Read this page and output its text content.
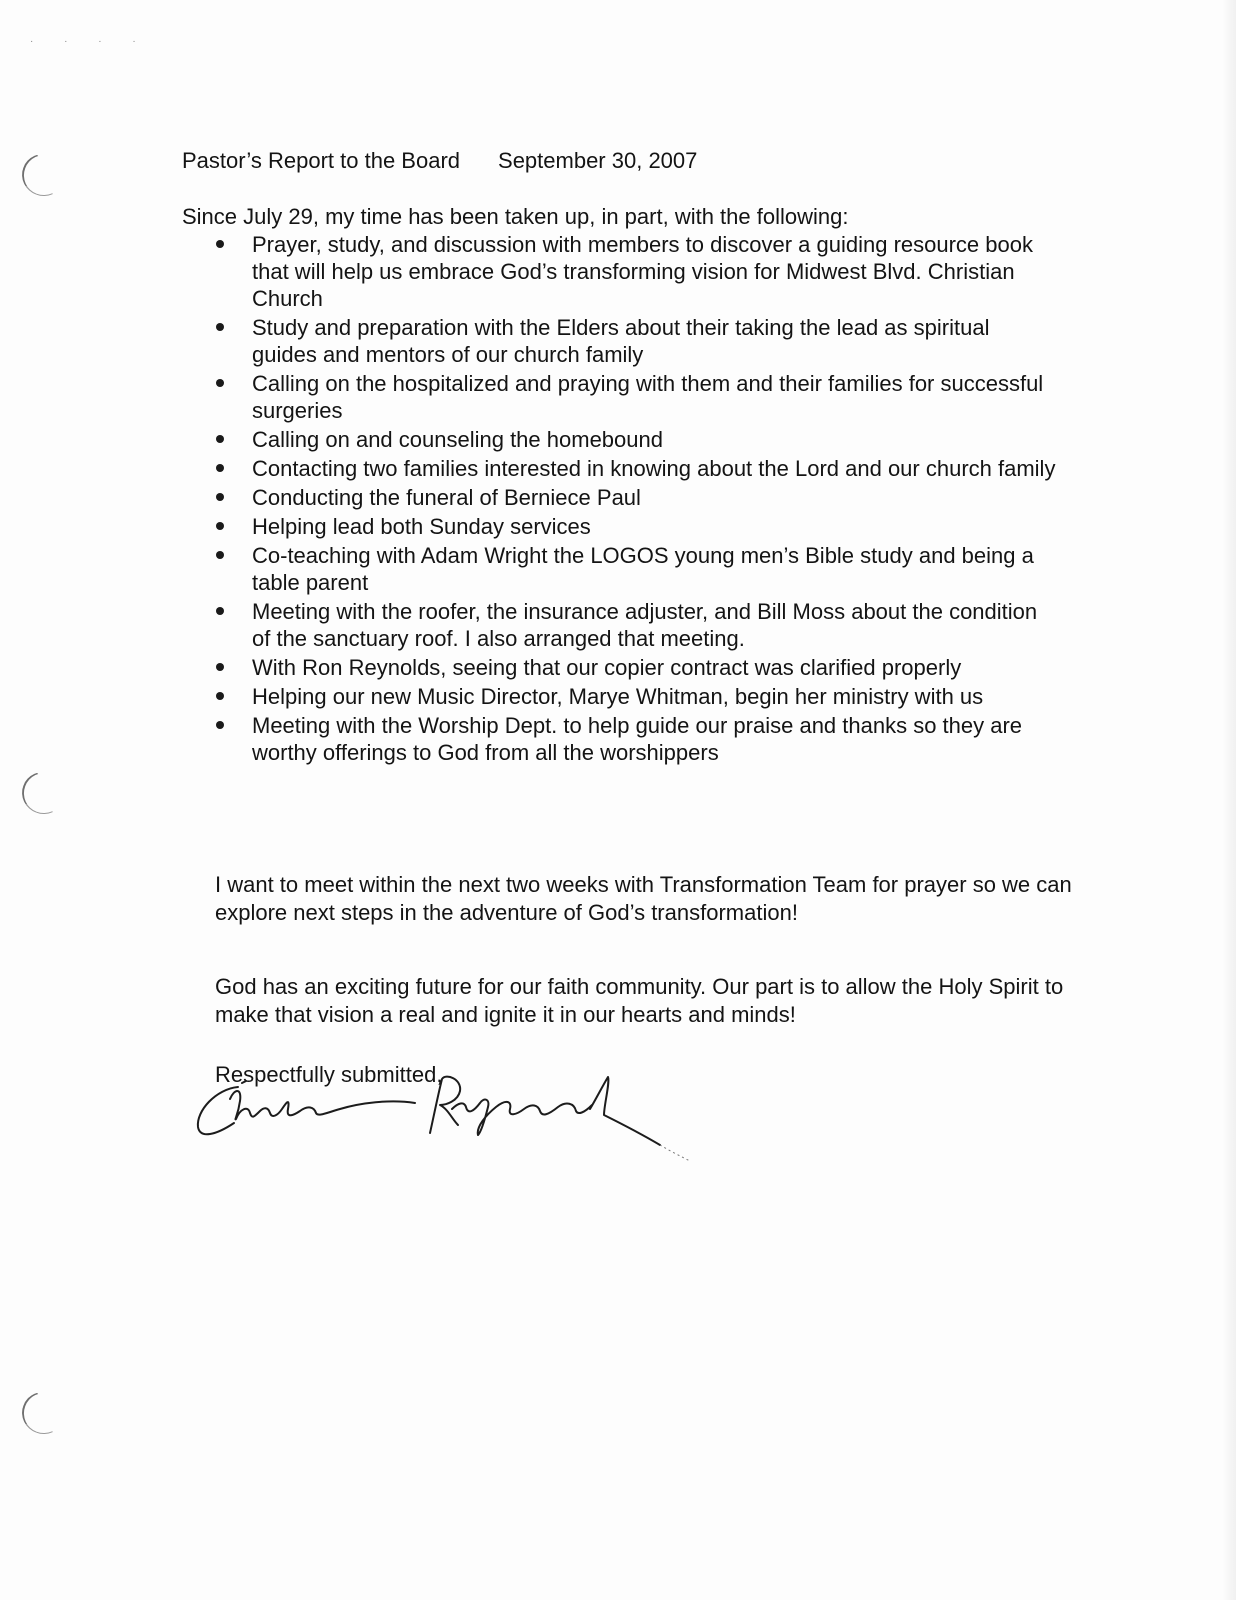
· · · ·
Pastor’s Report to the Board September 30, 2007
Since July 29, my time has been taken up, in part, with the following:
Prayer, study, and discussion with members to discover a guiding resource book that will help us embrace God’s transforming vision for Midwest Blvd. Christian Church
Study and preparation with the Elders about their taking the lead as spiritual guides and mentors of our church family
Calling on the hospitalized and praying with them and their families for successful surgeries
Calling on and counseling the homebound
Contacting two families interested in knowing about the Lord and our church family
Conducting the funeral of Berniece Paul
Helping lead both Sunday services
Co-teaching with Adam Wright the LOGOS young men’s Bible study and being a table parent
Meeting with the roofer, the insurance adjuster, and Bill Moss about the condition of the sanctuary roof. I also arranged that meeting.
With Ron Reynolds, seeing that our copier contract was clarified properly
Helping our new Music Director, Marye Whitman, begin her ministry with us
Meeting with the Worship Dept. to help guide our praise and thanks so they are worthy offerings to God from all the worshippers

I want to meet within the next two weeks with Transformation Team for prayer so we can explore next steps in the adventure of God’s transformation!

God has an exciting future for our faith community. Our part is to allow the Holy Spirit to make that vision a real and ignite it in our hearts and minds!

Respectfully submitted,
